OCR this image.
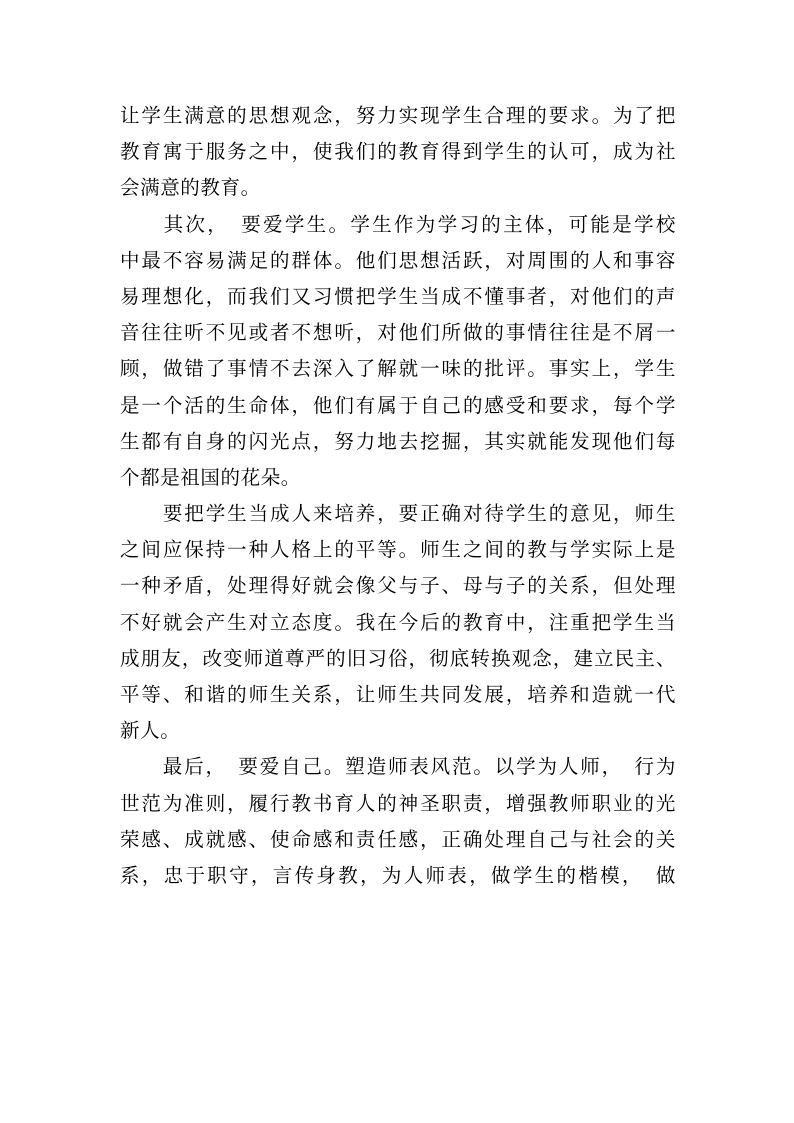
让学生满意的思想观念，努力实现学生合理的要求。为了把
教育寓于服务之中，使我们的教育得到学生的认可，成为社
会满意的教育。
　　其次，　要爱学生。学生作为学习的主体，可能是学校
中最不容易满足的群体。他们思想活跃，对周围的人和事容
易理想化，而我们又习惯把学生当成不懂事者，对他们的声
音往往听不见或者不想听，对他们所做的事情往往是不屑一
顾，做错了事情不去深入了解就一味的批评。事实上，学生
是一个活的生命体，他们有属于自己的感受和要求，每个学
生都有自身的闪光点，努力地去挖掘，其实就能发现他们每
个都是祖国的花朵。
　　要把学生当成人来培养，要正确对待学生的意见，师生
之间应保持一种人格上的平等。师生之间的教与学实际上是
一种矛盾，处理得好就会像父与子、母与子的关系，但处理
不好就会产生对立态度。我在今后的教育中，注重把学生当
成朋友，改变师道尊严的旧习俗，彻底转换观念，建立民主、
平等、和谐的师生关系，让师生共同发展，培养和造就一代
新人。
　　最后，　要爱自己。塑造师表风范。以学为人师，　行为
世范为准则，履行教书育人的神圣职责，增强教师职业的光
荣感、成就感、使命感和责任感，正确处理自己与社会的关
系，忠于职守，言传身教，为人师表，做学生的楷模，　做
